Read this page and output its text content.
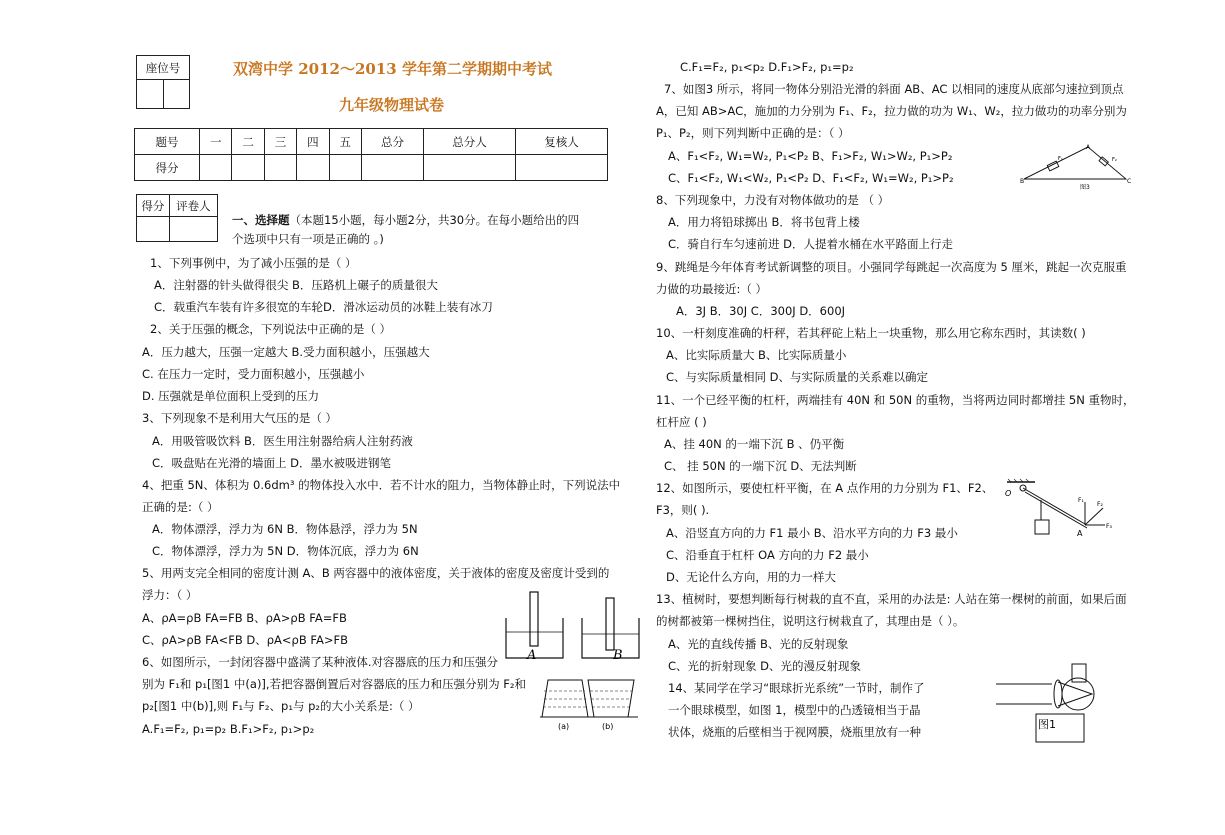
座位号
		双湾中学 2012～2013 学年第二学期期中考试
九年级物理试卷
题号	一	二	三	四	五	总分	总分人	复核人
得分								
得分	评卷人

一、选择题（本题15小题，每小题2分，共30分。在每小题给出的四
个选项中只有一项是正确的 。)
1、下列事例中，为了减小压强的是（ ）
A．注射器的针头做得很尖 B．压路机上碾子的质量很大
C．载重汽车装有许多很宽的车轮D．滑冰运动员的冰鞋上装有冰刀
2、关于压强的概念，下列说法中正确的是（ ）
A．压力越大，压强一定越大 B.受力面积越小，压强越大
C. 在压力一定时，受力面积越小，压强越小
D. 压强就是单位面积上受到的压力
3、下列现象不是利用大气压的是（ ）
A．用吸管吸饮料 B．医生用注射器给病人注射药液
C．吸盘贴在光滑的墙面上 D．墨水被吸进钢笔
4、把重 5N、体积为 0.6dm³ 的物体投入水中．若不计水的阻力，当物体静止时，下列说法中
正确的是:（ ）
A．物体漂浮，浮力为 6N B．物体悬浮，浮力为 5N
C．物体漂浮，浮力为 5N D．物体沉底，浮力为 6N
5、用两支完全相同的密度计测 A、B 两容器中的液体密度，关于液体的密度及密度计受到的
浮力：（ ）
A、ρA=ρB FA=FB B、ρA>ρB FA=FB
C、ρA>ρB FA<FB D、ρA<ρB FA>FB
6、如图所示，一封闭容器中盛满了某种液体.对容器底的压力和压强分
别为 F₁和 p₁[图1 中(a)],若把容器倒置后对容器底的压力和压强分别为 F₂和
p₂[图1 中(b)],则 F₁与 F₂、p₁与 p₂的大小关系是:（ ）
A.F₁=F₂, p₁=p₂ B.F₁>F₂, p₁>p₂
A	B
(a)	(b)
C.F₁=F₂, p₁<p₂ D.F₁>F₂, p₁=p₂
7、如图3 所示，将同一物体分别沿光滑的斜面 AB、AC 以相同的速度从底部匀速拉到顶点
A，已知 AB>AC，施加的力分别为 F₁、F₂，拉力做的功为 W₁、W₂，拉力做功的功率分别为
P₁、P₂，则下列判断中正确的是：（ ）
A、F₁<F₂, W₁=W₂, P₁<P₂ B、F₁>F₂, W₁>W₂, P₁>P₂
C、F₁<F₂, W₁<W₂, P₁<P₂ D、F₁<F₂, W₁=W₂, P₁>P₂
8、下列现象中，力没有对物体做功的是 （ ）
A．用力将铅球掷出 B．将书包背上楼
C．骑自行车匀速前进 D．人提着水桶在水平路面上行走
9、跳绳是今年体育考试新调整的项目。小强同学每跳起一次高度为 5 厘米，跳起一次克服重
力做的功最接近:（ ）
A．3J B．30J C．300J D．600J
10、一杆刻度准确的杆秤，若其秤砣上粘上一块重物，那么用它称东西时，其读数( )
A、比实际质量大 B、比实际质量小
C、与实际质量相同 D、与实际质量的关系难以确定
11、一个已经平衡的杠杆，两端挂有 40N 和 50N 的重物，当将两边同时都增挂 5N 重物时，
杠杆应 ( )
A、挂 40N 的一端下沉 B 、仍平衡
C、 挂 50N 的一端下沉 D、无法判断
12、如图所示，要使杠杆平衡，在 A 点作用的力分别为 F1、F2、
F3，则( ).
A、沿竖直方向的力 F1 最小 B、沿水平方向的力 F3 最小
C、沿垂直于杠杆 OA 方向的力 F2 最小
D、无论什么方向，用的力一样大
13、植树时，要想判断每行树栽的直不直，采用的办法是: 人站在第一棵树的前面，如果后面
的树都被第一棵树挡住，说明这行树栽直了，其理由是（ ）。
A、光的直线传播 B、光的反射现象
C、光的折射现象 D、光的漫反射现象
14、某同学在学习“眼球折光系统”一节时，制作了
一个眼球模型，如图 1，模型中的凸透镜相当于晶
状体，烧瓶的后壁相当于视网膜，烧瓶里放有一种
A
B	C
F₁	F₂
图3
O
A
F₁
F₂
F₃
图1
